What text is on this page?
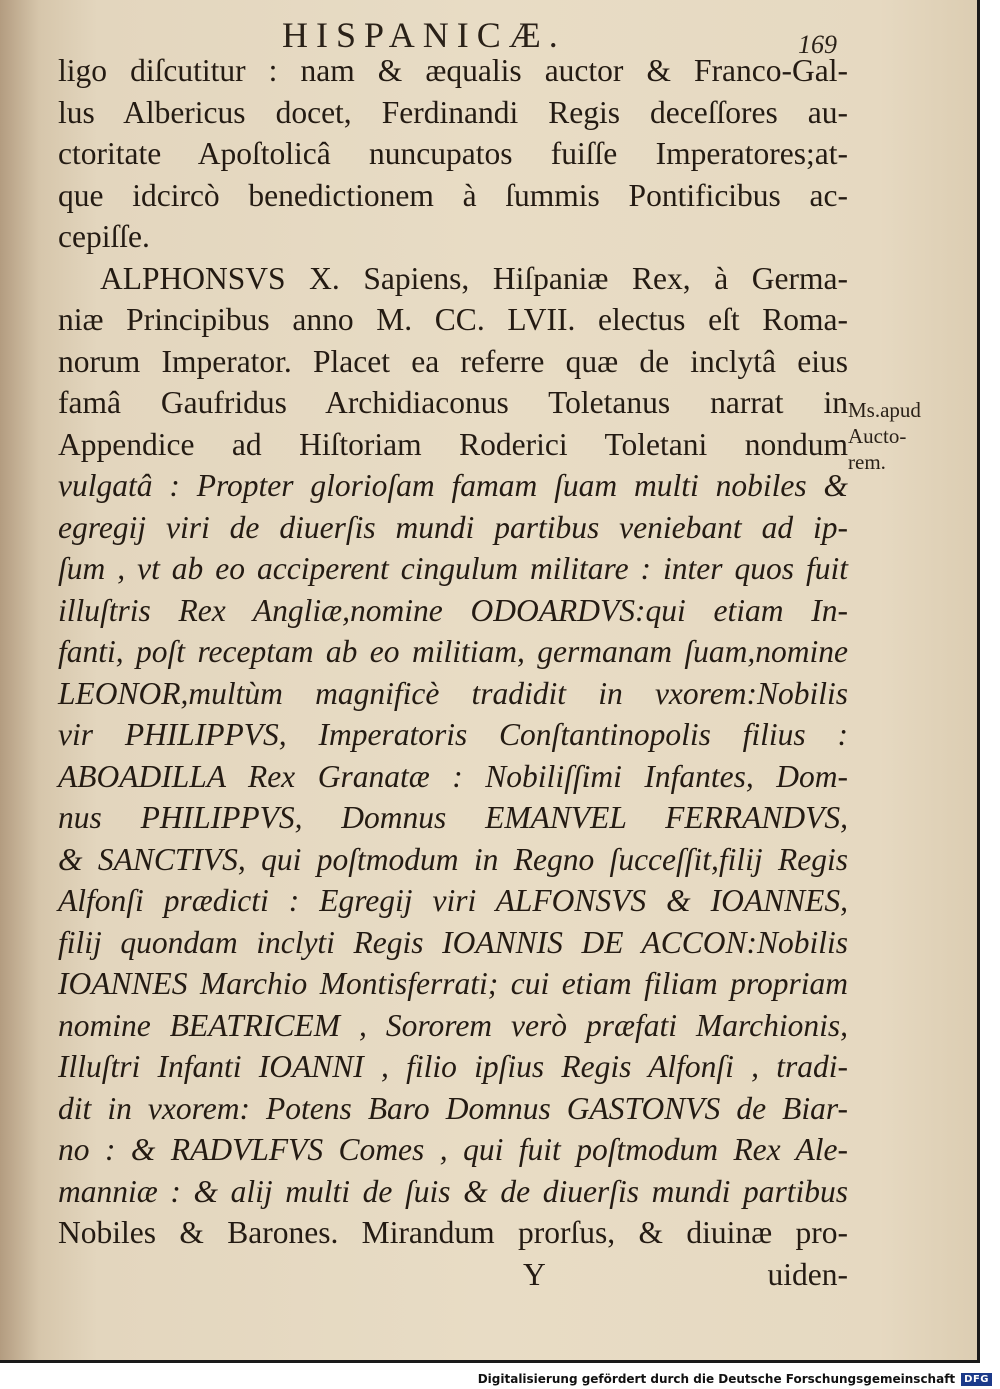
HISPANICÆ.	169
ligo diſcutitur : nam & æqualis auctor & Franco-Gal-
lus Albericus docet, Ferdinandi Regis deceſſores au-
ctoritate Apoſtolicâ nuncupatos fuiſſe Imperatores;at-
que idcircò benedictionem à ſummis Pontificibus ac-
cepiſſe.
ALPHONSVS X. Sapiens, Hiſpaniæ Rex, à Germa-
niæ Principibus anno M. CC. LVII. electus eſt Roma-
norum Imperator. Placet ea referre quæ de inclytâ eius
famâ Gaufridus Archidiaconus Toletanus narrat in
Appendice ad Hiſtoriam Roderici Toletani nondum
vulgatâ : Propter glorioſam famam ſuam multi nobiles &
egregij viri de diuerſis mundi partibus veniebant ad ip-
ſum , vt ab eo acciperent cingulum militare : inter quos fuit
illuſtris Rex Angliæ,nomine ODOARDVS:qui etiam In-
fanti, poſt receptam ab eo militiam, germanam ſuam,nomine
LEONOR,multùm magnificè tradidit in vxorem:Nobilis
vir PHILIPPVS, Imperatoris Conſtantinopolis filius :
ABOADILLA Rex Granatæ : Nobiliſſimi Infantes, Dom-
nus PHILIPPVS, Domnus EMANVEL FERRANDVS,
& SANCTIVS, qui poſtmodum in Regno ſucceſſit,filij Regis
Alfonſi prædicti : Egregij viri ALFONSVS & IOANNES,
filij quondam inclyti Regis IOANNIS DE ACCON:Nobilis
IOANNES Marchio Montisferrati; cui etiam filiam propriam
nomine BEATRICEM , Sororem verò præfati Marchionis,
Illuſtri Infanti IOANNI , filio ipſius Regis Alfonſi , tradi-
dit in vxorem: Potens Baro Domnus GASTONVS de Biar-
no : & RADVLFVS Comes , qui fuit poſtmodum Rex Ale-
manniæ : & alij multi de ſuis & de diuerſis mundi partibus
Nobiles & Barones. Mirandum prorſus, & diuinæ pro-
Y uiden-
Ms.apud
Aucto-
rem.
Digitalisierung gefördert durch die Deutsche Forschungsgemeinschaft DFG
